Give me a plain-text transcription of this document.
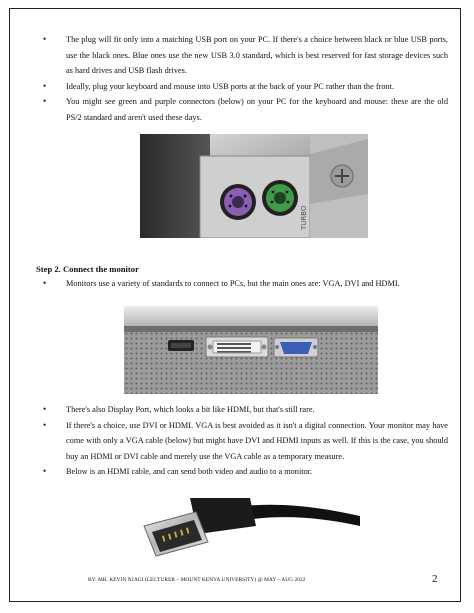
• The plug will fit only into a matching USB port on your PC. If there's a choice between black or blue USB ports, use the black ones. Blue ones use the new USB 3.0 standard, which is best reserved for fast storage devices such as hard drives and USB flash drives.
• Ideally, plug your keyboard and mouse into USB ports at the back of your PC rather than the front.
• You might see green and purple connectors (below) on your PC for the keyboard and mouse: these are the old PS/2 standard and aren't used these days.
TURBO
Step 2. Connect the monitor
• Monitors use a variety of standards to connect to PCs, but the main ones are: VGA, DVI and HDMI.
• There's also Display Port, which looks a bit like HDMI, but that's still rare.
• If there's a choice, use DVI or HDMI. VGA is best avoided as it isn't a digital connection. Your monitor may have come with only a VGA cable (below) but might have DVI and HDMI inputs as well. If this is the case, you should buy an HDMI or DVI cable and merely use the VGA cable as a temporary measure.
• Below is an HDMI cable, and can send both video and audio to a monitor.
BY: MR. KEVIN NJAGI (LECTURER – MOUNT KENYA UNIVERSITY) @ MAY – AUG 2022	2
